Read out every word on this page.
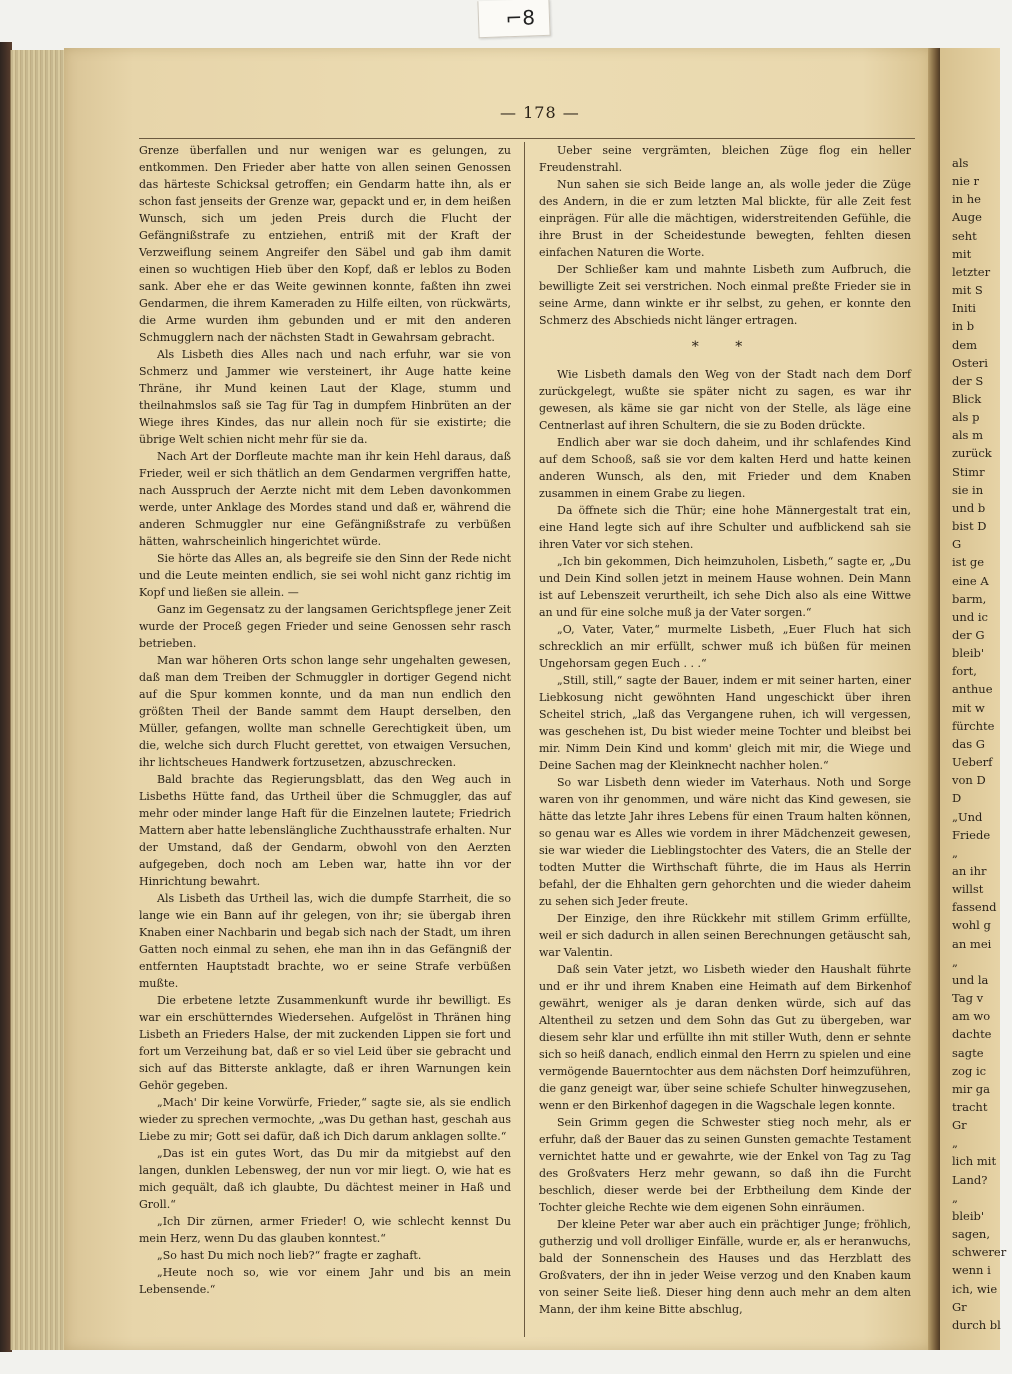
als
nie r
in he
Auge
seht
mit
letzter
mit S
Initi
in b
dem
Osteri
der S
Blick
als p
als m
zurück
Stimr
sie in
und b
bist D
G
ist ge
eine A
barm,
und ic
der G
bleib'
fort,
anthue
mit w
fürchte
das G
Ueberf
von D
D
„Und
Friede
„
an ihr
willst
fassend
wohl g
an mei
„
und la
Tag v
am wo
dachte
sagte
zog ic
mir ga
tracht
Gr
„
lich mit
Land?
„
bleib'
sagen,
schwerer
wenn i
ich, wie
Gr
durch bl
⌐8
— 178 —

Grenze überfallen und nur wenigen war es gelungen, zu entkommen. Den Frieder aber hatte von allen seinen Genossen das härteste Schicksal getroffen; ein Gendarm hatte ihn, als er schon fast jenseits der Grenze war, gepackt und er, in dem heißen Wunsch, sich um jeden Preis durch die Flucht der Gefängnißstrafe zu entziehen, entriß mit der Kraft der Verzweiflung seinem Angreifer den Säbel und gab ihm damit einen so wuchtigen Hieb über den Kopf, daß er leblos zu Boden sank. Aber ehe er das Weite gewinnen konnte, faßten ihn zwei Gendarmen, die ihrem Kameraden zu Hilfe eilten, von rückwärts, die Arme wurden ihm gebunden und er mit den anderen Schmugglern nach der nächsten Stadt in Gewahrsam gebracht.

Als Lisbeth dies Alles nach und nach erfuhr, war sie von Schmerz und Jammer wie versteinert, ihr Auge hatte keine Thräne, ihr Mund keinen Laut der Klage, stumm und theilnahmslos saß sie Tag für Tag in dumpfem Hinbrüten an der Wiege ihres Kindes, das nur allein noch für sie existirte; die übrige Welt schien nicht mehr für sie da.

Nach Art der Dorfleute machte man ihr kein Hehl daraus, daß Frieder, weil er sich thätlich an dem Gendarmen vergriffen hatte, nach Ausspruch der Aerzte nicht mit dem Leben davonkommen werde, unter Anklage des Mordes stand und daß er, während die anderen Schmuggler nur eine Gefängnißstrafe zu verbüßen hätten, wahrscheinlich hingerichtet würde.

Sie hörte das Alles an, als begreife sie den Sinn der Rede nicht und die Leute meinten endlich, sie sei wohl nicht ganz richtig im Kopf und ließen sie allein. —

Ganz im Gegensatz zu der langsamen Gerichtspflege jener Zeit wurde der Proceß gegen Frieder und seine Genossen sehr rasch betrieben.

Man war höheren Orts schon lange sehr ungehalten gewesen, daß man dem Treiben der Schmuggler in dortiger Gegend nicht auf die Spur kommen konnte, und da man nun endlich den größten Theil der Bande sammt dem Haupt derselben, den Müller, gefangen, wollte man schnelle Gerechtigkeit üben, um die, welche sich durch Flucht gerettet, von etwaigen Versuchen, ihr lichtscheues Handwerk fortzusetzen, abzuschrecken.

Bald brachte das Regierungsblatt, das den Weg auch in Lisbeths Hütte fand, das Urtheil über die Schmuggler, das auf mehr oder minder lange Haft für die Einzelnen lautete; Friedrich Mattern aber hatte lebenslängliche Zuchthausstrafe erhalten. Nur der Umstand, daß der Gendarm, obwohl von den Aerzten aufgegeben, doch noch am Leben war, hatte ihn vor der Hinrichtung bewahrt.

Als Lisbeth das Urtheil las, wich die dumpfe Starrheit, die so lange wie ein Bann auf ihr gelegen, von ihr; sie übergab ihren Knaben einer Nachbarin und begab sich nach der Stadt, um ihren Gatten noch einmal zu sehen, ehe man ihn in das Gefängniß der entfernten Hauptstadt brachte, wo er seine Strafe verbüßen mußte.

Die erbetene letzte Zusammenkunft wurde ihr bewilligt. Es war ein erschütterndes Wiedersehen. Aufgelöst in Thränen hing Lisbeth an Frieders Halse, der mit zuckenden Lippen sie fort und fort um Verzeihung bat, daß er so viel Leid über sie gebracht und sich auf das Bitterste anklagte, daß er ihren Warnungen kein Gehör gegeben.

„Mach' Dir keine Vorwürfe, Frieder,“ sagte sie, als sie endlich wieder zu sprechen vermochte, „was Du gethan hast, geschah aus Liebe zu mir; Gott sei dafür, daß ich Dich darum anklagen sollte.“

„Das ist ein gutes Wort, das Du mir da mitgiebst auf den langen, dunklen Lebensweg, der nun vor mir liegt. O, wie hat es mich gequält, daß ich glaubte, Du dächtest meiner in Haß und Groll.“

„Ich Dir zürnen, armer Frieder! O, wie schlecht kennst Du mein Herz, wenn Du das glauben konntest.“

„So hast Du mich noch lieb?“ fragte er zaghaft.

„Heute noch so, wie vor einem Jahr und bis an mein Lebensende.“

Ueber seine vergrämten, bleichen Züge flog ein heller Freudenstrahl.

Nun sahen sie sich Beide lange an, als wolle jeder die Züge des Andern, in die er zum letzten Mal blickte, für alle Zeit fest einprägen. Für alle die mächtigen, widerstreitenden Gefühle, die ihre Brust in der Scheidestunde bewegten, fehlten diesen einfachen Naturen die Worte.

Der Schließer kam und mahnte Lisbeth zum Aufbruch, die bewilligte Zeit sei verstrichen. Noch einmal preßte Frieder sie in seine Arme, dann winkte er ihr selbst, zu gehen, er konnte den Schmerz des Abschieds nicht länger ertragen.

* *

Wie Lisbeth damals den Weg von der Stadt nach dem Dorf zurückgelegt, wußte sie später nicht zu sagen, es war ihr gewesen, als käme sie gar nicht von der Stelle, als läge eine Centnerlast auf ihren Schultern, die sie zu Boden drückte.

Endlich aber war sie doch daheim, und ihr schlafendes Kind auf dem Schooß, saß sie vor dem kalten Herd und hatte keinen anderen Wunsch, als den, mit Frieder und dem Knaben zusammen in einem Grabe zu liegen.

Da öffnete sich die Thür; eine hohe Männergestalt trat ein, eine Hand legte sich auf ihre Schulter und aufblickend sah sie ihren Vater vor sich stehen.

„Ich bin gekommen, Dich heimzuholen, Lisbeth,“ sagte er, „Du und Dein Kind sollen jetzt in meinem Hause wohnen. Dein Mann ist auf Lebenszeit verurtheilt, ich sehe Dich also als eine Wittwe an und für eine solche muß ja der Vater sorgen.“

„O, Vater, Vater,“ murmelte Lisbeth, „Euer Fluch hat sich schrecklich an mir erfüllt, schwer muß ich büßen für meinen Ungehorsam gegen Euch . . .“

„Still, still,“ sagte der Bauer, indem er mit seiner harten, einer Liebkosung nicht gewöhnten Hand ungeschickt über ihren Scheitel strich, „laß das Vergangene ruhen, ich will vergessen, was geschehen ist, Du bist wieder meine Tochter und bleibst bei mir. Nimm Dein Kind und komm' gleich mit mir, die Wiege und Deine Sachen mag der Kleinknecht nachher holen.“

So war Lisbeth denn wieder im Vaterhaus. Noth und Sorge waren von ihr genommen, und wäre nicht das Kind gewesen, sie hätte das letzte Jahr ihres Lebens für einen Traum halten können, so genau war es Alles wie vordem in ihrer Mädchenzeit gewesen, sie war wieder die Lieblingstochter des Vaters, die an Stelle der todten Mutter die Wirthschaft führte, die im Haus als Herrin befahl, der die Ehhalten gern gehorchten und die wieder daheim zu sehen sich Jeder freute.

Der Einzige, den ihre Rückkehr mit stillem Grimm erfüllte, weil er sich dadurch in allen seinen Berechnungen getäuscht sah, war Valentin.

Daß sein Vater jetzt, wo Lisbeth wieder den Haushalt führte und er ihr und ihrem Knaben eine Heimath auf dem Birkenhof gewährt, weniger als je daran denken würde, sich auf das Altentheil zu setzen und dem Sohn das Gut zu übergeben, war diesem sehr klar und erfüllte ihn mit stiller Wuth, denn er sehnte sich so heiß danach, endlich einmal den Herrn zu spielen und eine vermögende Bauerntochter aus dem nächsten Dorf heimzuführen, die ganz geneigt war, über seine schiefe Schulter hinwegzusehen, wenn er den Birkenhof dagegen in die Wagschale legen konnte.

Sein Grimm gegen die Schwester stieg noch mehr, als er erfuhr, daß der Bauer das zu seinen Gunsten gemachte Testament vernichtet hatte und er gewahrte, wie der Enkel von Tag zu Tag des Großvaters Herz mehr gewann, so daß ihn die Furcht beschlich, dieser werde bei der Erbtheilung dem Kinde der Tochter gleiche Rechte wie dem eigenen Sohn einräumen.

Der kleine Peter war aber auch ein prächtiger Junge; fröhlich, gutherzig und voll drolliger Einfälle, wurde er, als er heranwuchs, bald der Sonnenschein des Hauses und das Herzblatt des Großvaters, der ihn in jeder Weise verzog und den Knaben kaum von seiner Seite ließ. Dieser hing denn auch mehr an dem alten Mann, der ihm keine Bitte abschlug,
